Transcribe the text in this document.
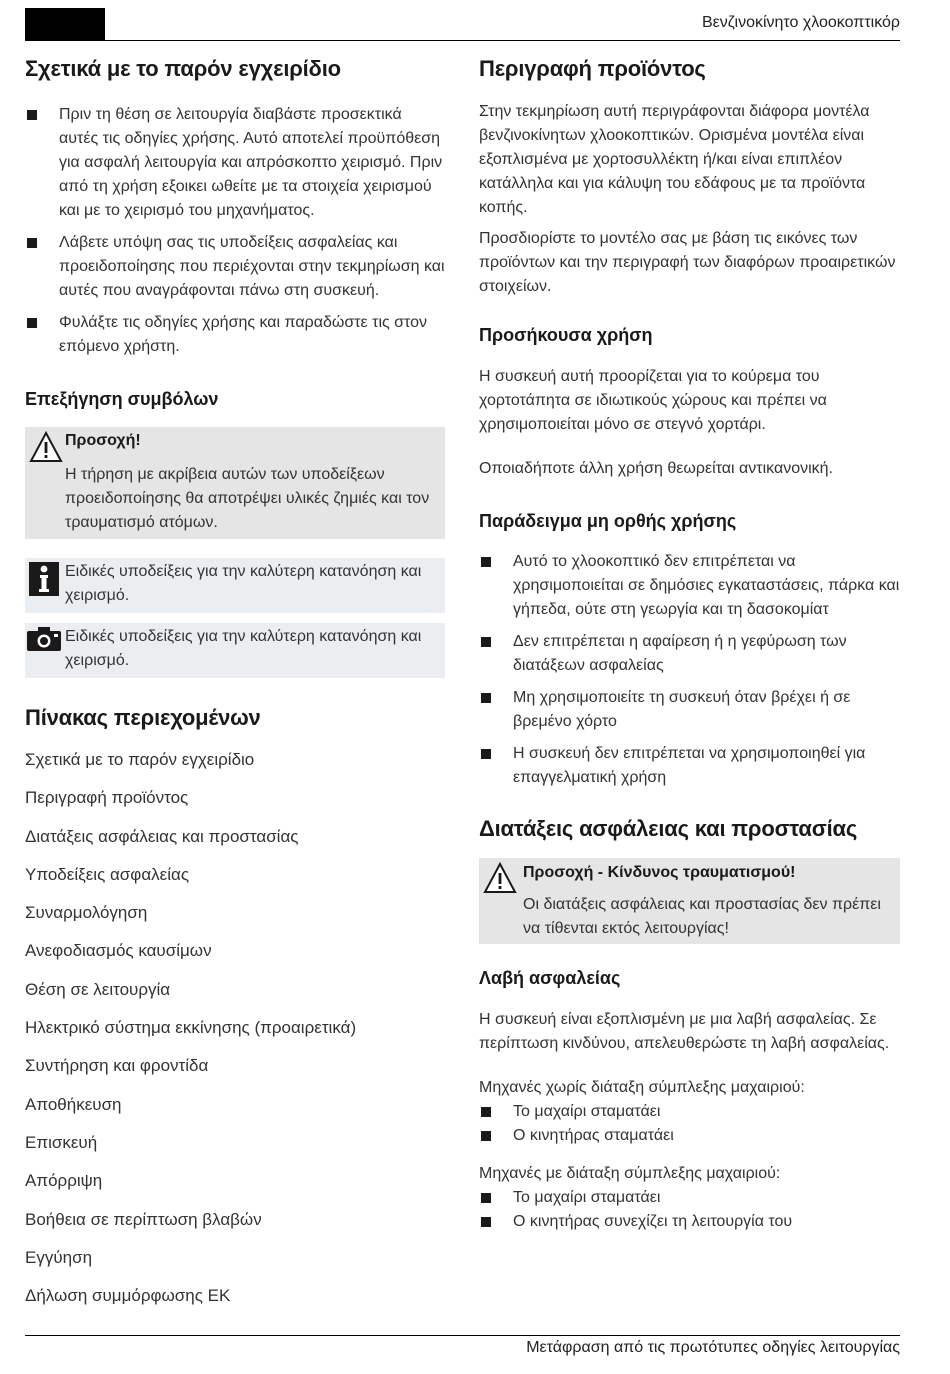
Βενζινοκίνητο χλοοκοπτικόρ
Σχετικά με το παρόν εγχειρίδιο
Πριν τη θέση σε λειτουργία διαβάστε προσεκτικά αυτές τις οδηγίες χρήσης. Αυτό αποτελεί προϋπόθεση για ασφαλή λειτουργία και απρόσκοπτο χειρισμό. Πριν από τη χρήση εξοικει ωθείτε με τα στοιχεία χειρισμού και με το χειρισμό του μηχανήματος.
Λάβετε υπόψη σας τις υποδείξεις ασφαλείας και προειδοποίησης που περιέχονται στην τεκμηρίωση και αυτές που αναγράφονται πάνω στη συσκευή.
Φυλάξτε τις οδηγίες χρήσης και παραδώστε τις στον επόμενο χρήστη.
Επεξήγηση συμβόλων
Προσοχή!
Η τήρηση με ακρίβεια αυτών των υποδείξεων προειδοποίησης θα αποτρέψει υλικές ζημιές και τον τραυματισμό ατόμων.
Ειδικές υποδείξεις για την καλύτερη κατανόηση και χειρισμό.
Ειδικές υποδείξεις για την καλύτερη κατανόηση και χειρισμό.
Πίνακας περιεχομένων
Σχετικά με το παρόν εγχειρίδιο
Περιγραφή προϊόντος
Διατάξεις ασφάλειας και προστασίας
Υποδείξεις ασφαλείας
Συναρμολόγηση
Ανεφοδιασμός καυσίμων
Θέση σε λειτουργία
Ηλεκτρικό σύστημα εκκίνησης (προαιρετικά)
Συντήρηση και φροντίδα
Αποθήκευση
Επισκευή
Απόρριψη
Βοήθεια σε περίπτωση βλαβών
Εγγύηση
Δήλωση συμμόρφωσης ΕΚ
Περιγραφή προϊόντος

Στην τεκμηρίωση αυτή περιγράφονται διάφορα μοντέλα βενζινοκίνητων χλοοκοπτικών. Ορισμένα μοντέλα είναι εξοπλισμένα με χορτοσυλλέκτη ή/και είναι επιπλέον κατάλληλα και για κάλυψη του εδάφους με τα προϊόντα κοπής.

Προσδιορίστε το μοντέλο σας με βάση τις εικόνες των προϊόντων και την περιγραφή των διαφόρων προαιρετικών στοιχείων.

Προσήκουσα χρήση

Η συσκευή αυτή προορίζεται για το κούρεμα του χορτοτάπητα σε ιδιωτικούς χώρους και πρέπει να χρησιμοποιείται μόνο σε στεγνό χορτάρι.

Οποιαδήποτε άλλη χρήση θεωρείται αντικανονική.

Παράδειγμα μη ορθής χρήσης
Αυτό το χλοοκοπτικό δεν επιτρέπεται να χρησιμοποιείται σε δημόσιες εγκαταστάσεις, πάρκα και γήπεδα, ούτε στη γεωργία και τη δασοκομίατ
Δεν επιτρέπεται η αφαίρεση ή η γεφύρωση των διατάξεων ασφαλείας
Μη χρησιμοποιείτε τη συσκευή όταν βρέχει ή σε βρεμένο χόρτο
Η συσκευή δεν επιτρέπεται να χρησιμοποιηθεί για επαγγελματική χρήση
Διατάξεις ασφάλειας και προστασίας
Προσοχή - Κίνδυνος τραυματισμού!
Οι διατάξεις ασφάλειας και προστασίας δεν πρέπει να τίθενται εκτός λειτουργίας!
Λαβή ασφαλείας

Η συσκευή είναι εξοπλισμένη με μια λαβή ασφαλείας. Σε περίπτωση κινδύνου, απελευθερώστε τη λαβή ασφαλείας.

Μηχανές χωρίς διάταξη σύμπλεξης μαχαιριού:

Το μαχαίρι σταματάει
Ο κινητήρας σταματάει

Μηχανές με διάταξη σύμπλεξης μαχαιριού:

Το μαχαίρι σταματάει
Ο κινητήρας συνεχίζει τη λειτουργία του
Μετάφραση από τις πρωτότυπες οδηγίες λειτουργίας
